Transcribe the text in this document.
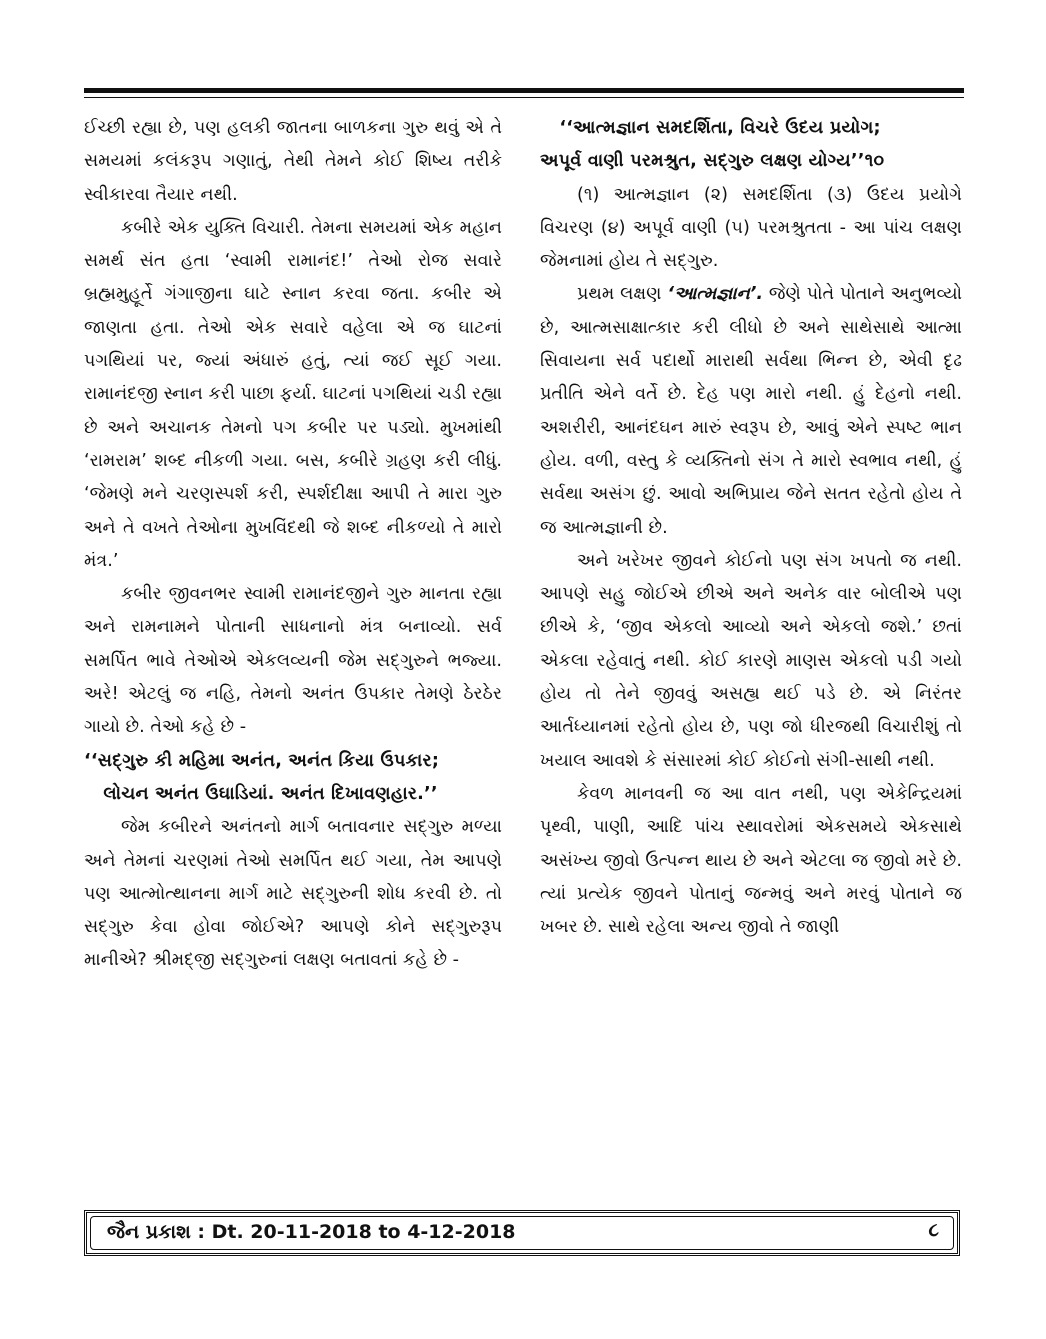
ઈચ્છી રહ્યા છે, પણ હલકી જાતના બાળકના ગુરુ થવું એ તે સમયમાં કલંકરૂપ ગણાતું, તેથી તેમને કોઈ શિષ્ય તરીકે સ્વીકારવા તૈયાર નથી.

કબીરે એક યુક્તિ વિચારી. તેમના સમયમાં એક મહાન સમર્થ સંત હતા ‘સ્વામી રામાનંદ!’ તેઓ રોજ સવારે બ્રહ્મમુહૂર્તે ગંગાજીના ઘાટે સ્નાન કરવા જતા. કબીર એ જાણતા હતા. તેઓ એક સવારે વહેલા એ જ ઘાટનાં પગથિયાં પર, જ્યાં અંધારું હતું, ત્યાં જઈ સૂઈ ગયા. રામાનંદજી સ્નાન કરી પાછા ફર્યા. ઘાટનાં પગથિયાં ચડી રહ્યા છે અને અચાનક તેમનો પગ કબીર પર પડ્યો. મુખમાંથી ‘રામરામ’ શબ્દ નીકળી ગયા. બસ, કબીરે ગ્રહણ કરી લીધું. ‘જેમણે મને ચરણસ્પર્શ કરી, સ્પર્શદીક્ષા આપી તે મારા ગુરુ અને તે વખતે તેઓના મુખવિંદથી જે શબ્દ નીકળ્યો તે મારો મંત્ર.’

કબીર જીવનભર સ્વામી રામાનંદજીને ગુરુ માનતા રહ્યા અને રામનામને પોતાની સાધનાનો મંત્ર બનાવ્યો. સર્વ સમર્પિત ભાવે તેઓએ એકલવ્યની જેમ સદ્‌ગુરુને ભજ્યા. અરે! એટલું જ નહિ, તેમનો અનંત ઉપકાર તેમણે ઠેરઠેર ગાયો છે. તેઓ કહે છે -

‘‘સદ્‌ગુરુ કી મહિમા અનંત, અનંત કિયા ઉપકાર;

લોચન અનંત ઉઘાડિયાં. અનંત દિખાવણહાર.’’

જેમ કબીરને અનંતનો માર્ગ બતાવનાર સદ્‌ગુરુ મળ્યા અને તેમનાં ચરણમાં તેઓ સમર્પિત થઈ ગયા, તેમ આપણે પણ આત્મોત્થાનના માર્ગ માટે સદ્‌ગુરુની શોધ કરવી છે. તો સદ્‌ગુરુ કેવા હોવા જોઈએ? આપણે કોને સદ્‌ગુરુરૂપ માનીએ? શ્રીમદ્‌જી સદ્‌ગુરુનાં લક્ષણ બતાવતાં કહે છે -

‘‘આત્મજ્ઞાન સમદર્શિતા, વિચરે ઉદય પ્રયોગ;

અપૂર્વ વાણી પરમશ્રુત, સદ્‌ગુરુ લક્ષણ યોગ્ય’’૧૦

(૧) આત્મજ્ઞાન (૨) સમદર્શિતા (૩) ઉદય પ્રયોગે વિચરણ (૪) અપૂર્વ વાણી (૫) પરમશ્રુતતા - આ પાંચ લક્ષણ જેમનામાં હોય તે સદ્‌ગુરુ.

પ્રથમ લક્ષણ ‘આત્મજ્ઞાન’. જેણે પોતે પોતાને અનુભવ્યો છે, આત્મસાક્ષાત્કાર કરી લીધો છે અને સાથેસાથે આત્મા સિવાયના સર્વ પદાર્થો મારાથી સર્વથા ભિન્ન છે, એવી દૃઢ પ્રતીતિ એને વર્તે છે. દેહ પણ મારો નથી. હું દેહનો નથી. અશરીરી, આનંદઘન મારું સ્વરૂપ છે, આવું એને સ્પષ્ટ ભાન હોય. વળી, વસ્તુ કે વ્યક્તિનો સંગ તે મારો સ્વભાવ નથી, હું સર્વથા અસંગ છું. આવો અભિપ્રાય જેને સતત રહેતો હોય તે જ આત્મજ્ઞાની છે.

અને ખરેખર જીવને કોઈનો પણ સંગ ખપતો જ નથી. આપણે સહુ જોઈએ છીએ અને અનેક વાર બોલીએ પણ છીએ કે, ‘જીવ એકલો આવ્યો અને એકલો જશે.’ છતાં એકલા રહેવાતું નથી. કોઈ કારણે માણસ એકલો પડી ગયો હોય તો તેને જીવવું અસહ્ય થઈ પડે છે. એ નિરંતર આર્તધ્યાનમાં રહેતો હોય છે, પણ જો ધીરજથી વિચારીશું તો ખયાલ આવશે કે સંસારમાં કોઈ કોઈનો સંગી-સાથી નથી.

કેવળ માનવની જ આ વાત નથી, પણ એકેન્દ્રિયમાં પૃથ્વી, પાણી, આદિ પાંચ સ્થાવરોમાં એકસમયે એકસાથે અસંખ્ય જીવો ઉત્પન્ન થાય છે અને એટલા જ જીવો મરે છે. ત્યાં પ્રત્યેક જીવને પોતાનું જન્મવું અને મરવું પોતાને જ ખબર છે. સાથે રહેલા અન્ય જીવો તે જાણી

જૈન પ્રકાશ : Dt. 20-11-2018 to 4-12-2018	૮
